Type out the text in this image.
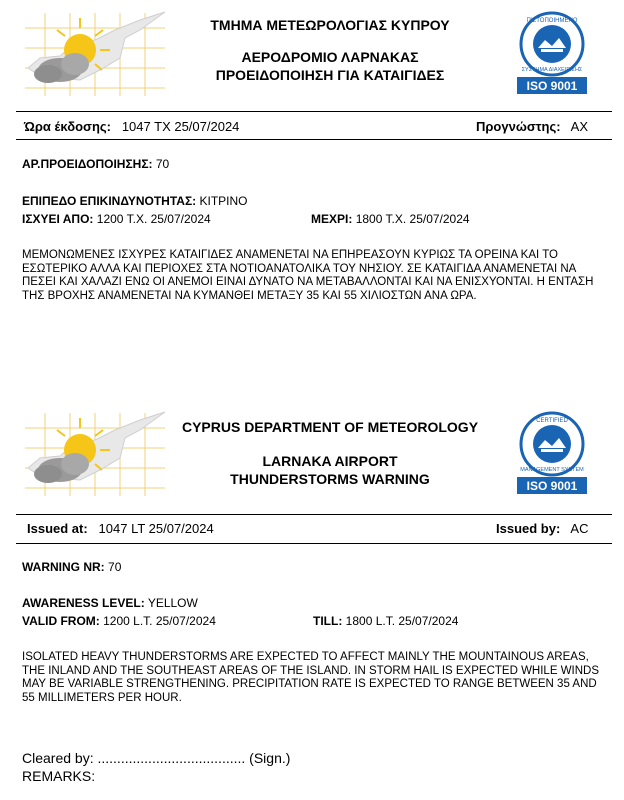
ΤΜΗΜΑ ΜΕΤΕΩΡΟΛΟΓΙΑΣ ΚΥΠΡΟΥ
ΑΕΡΟΔΡΟΜΙΟ ΛΑΡΝΑΚΑΣ
ΠΡΟΕΙΔΟΠΟΙΗΣΗ ΓΙΑ ΚΑΤΑΙΓΙΔΕΣ
ΠΙΣΤΟΠΟΙΗΜΕΝΟ
ΣΥΣΤΗΜΑ ΔΙΑΧΕΙΡΙΣΗΣ
ISO 9001
Ώρα έκδοσης: 1047 ΤΧ 25/07/2024	Προγνώστης: ΑΧ
ΑΡ.ΠΡΟΕΙΔΟΠΟΙΗΣΗΣ: 70
ΕΠΙΠΕΔΟ ΕΠΙΚΙΝΔΥΝΟΤΗΤΑΣ: ΚΙΤΡΙΝΟ
ΙΣΧΥΕΙ ΑΠΟ: 1200 Τ.Χ. 25/07/2024	ΜΕΧΡΙ: 1800 Τ.Χ. 25/07/2024
ΜΕΜΟΝΩΜΕΝΕΣ ΙΣΧΥΡΕΣ ΚΑΤΑΙΓΙΔΕΣ ΑΝΑΜΕΝΕΤΑΙ ΝΑ ΕΠΗΡΕΑΣΟΥΝ ΚΥΡΙΩΣ ΤΑ ΟΡΕΙΝΑ ΚΑΙ ΤΟ ΕΣΩΤΕΡΙΚΟ ΑΛΛΑ ΚΑΙ ΠΕΡΙΟΧΕΣ ΣΤΑ ΝΟΤΙΟΑΝΑΤΟΛΙΚΑ ΤΟΥ ΝΗΣΙΟΥ. ΣΕ ΚΑΤΑΙΓΙΔΑ ΑΝΑΜΕΝΕΤΑΙ ΝΑ ΠΕΣΕΙ ΚΑΙ ΧΑΛΑΖΙ ΕΝΩ ΟΙ ΑΝΕΜΟΙ ΕΙΝΑΙ ΔΥΝΑΤΟ ΝΑ ΜΕΤΑΒΑΛΛΟΝΤΑΙ ΚΑΙ ΝΑ ΕΝΙΣΧΥΟΝΤΑΙ. Η ΕΝΤΑΣΗ ΤΗΣ ΒΡΟΧΗΣ ΑΝΑΜΕΝΕΤΑΙ ΝΑ ΚΥΜΑΝΘΕΙ ΜΕΤΑΞΥ 35 ΚΑΙ 55 ΧΙΛΙΟΣΤΩΝ ΑΝΑ ΩΡΑ.
CYPRUS DEPARTMENT OF METEOROLOGY
LARNAKA AIRPORT
THUNDERSTORMS WARNING
CERTIFIED
MANAGEMENT SYSTEM
ISO 9001
Issued at: 1047 LT 25/07/2024	Issued by: AC
WARNING NR: 70
AWARENESS LEVEL: YELLOW
VALID FROM: 1200 L.T. 25/07/2024	TILL: 1800 L.T. 25/07/2024
ISOLATED HEAVY THUNDERSTORMS ARE EXPECTED TO AFFECT MAINLY THE MOUNTAINOUS AREAS, THE INLAND AND THE SOUTHEAST AREAS OF THE ISLAND. IN STORM HAIL IS EXPECTED WHILE WINDS MAY BE VARIABLE STRENGTHENING. PRECIPITATION RATE IS EXPECTED TO RANGE BETWEEN 35 AND 55 MILLIMETERS PER HOUR.
Cleared by: ...................................... (Sign.)
REMARKS:
